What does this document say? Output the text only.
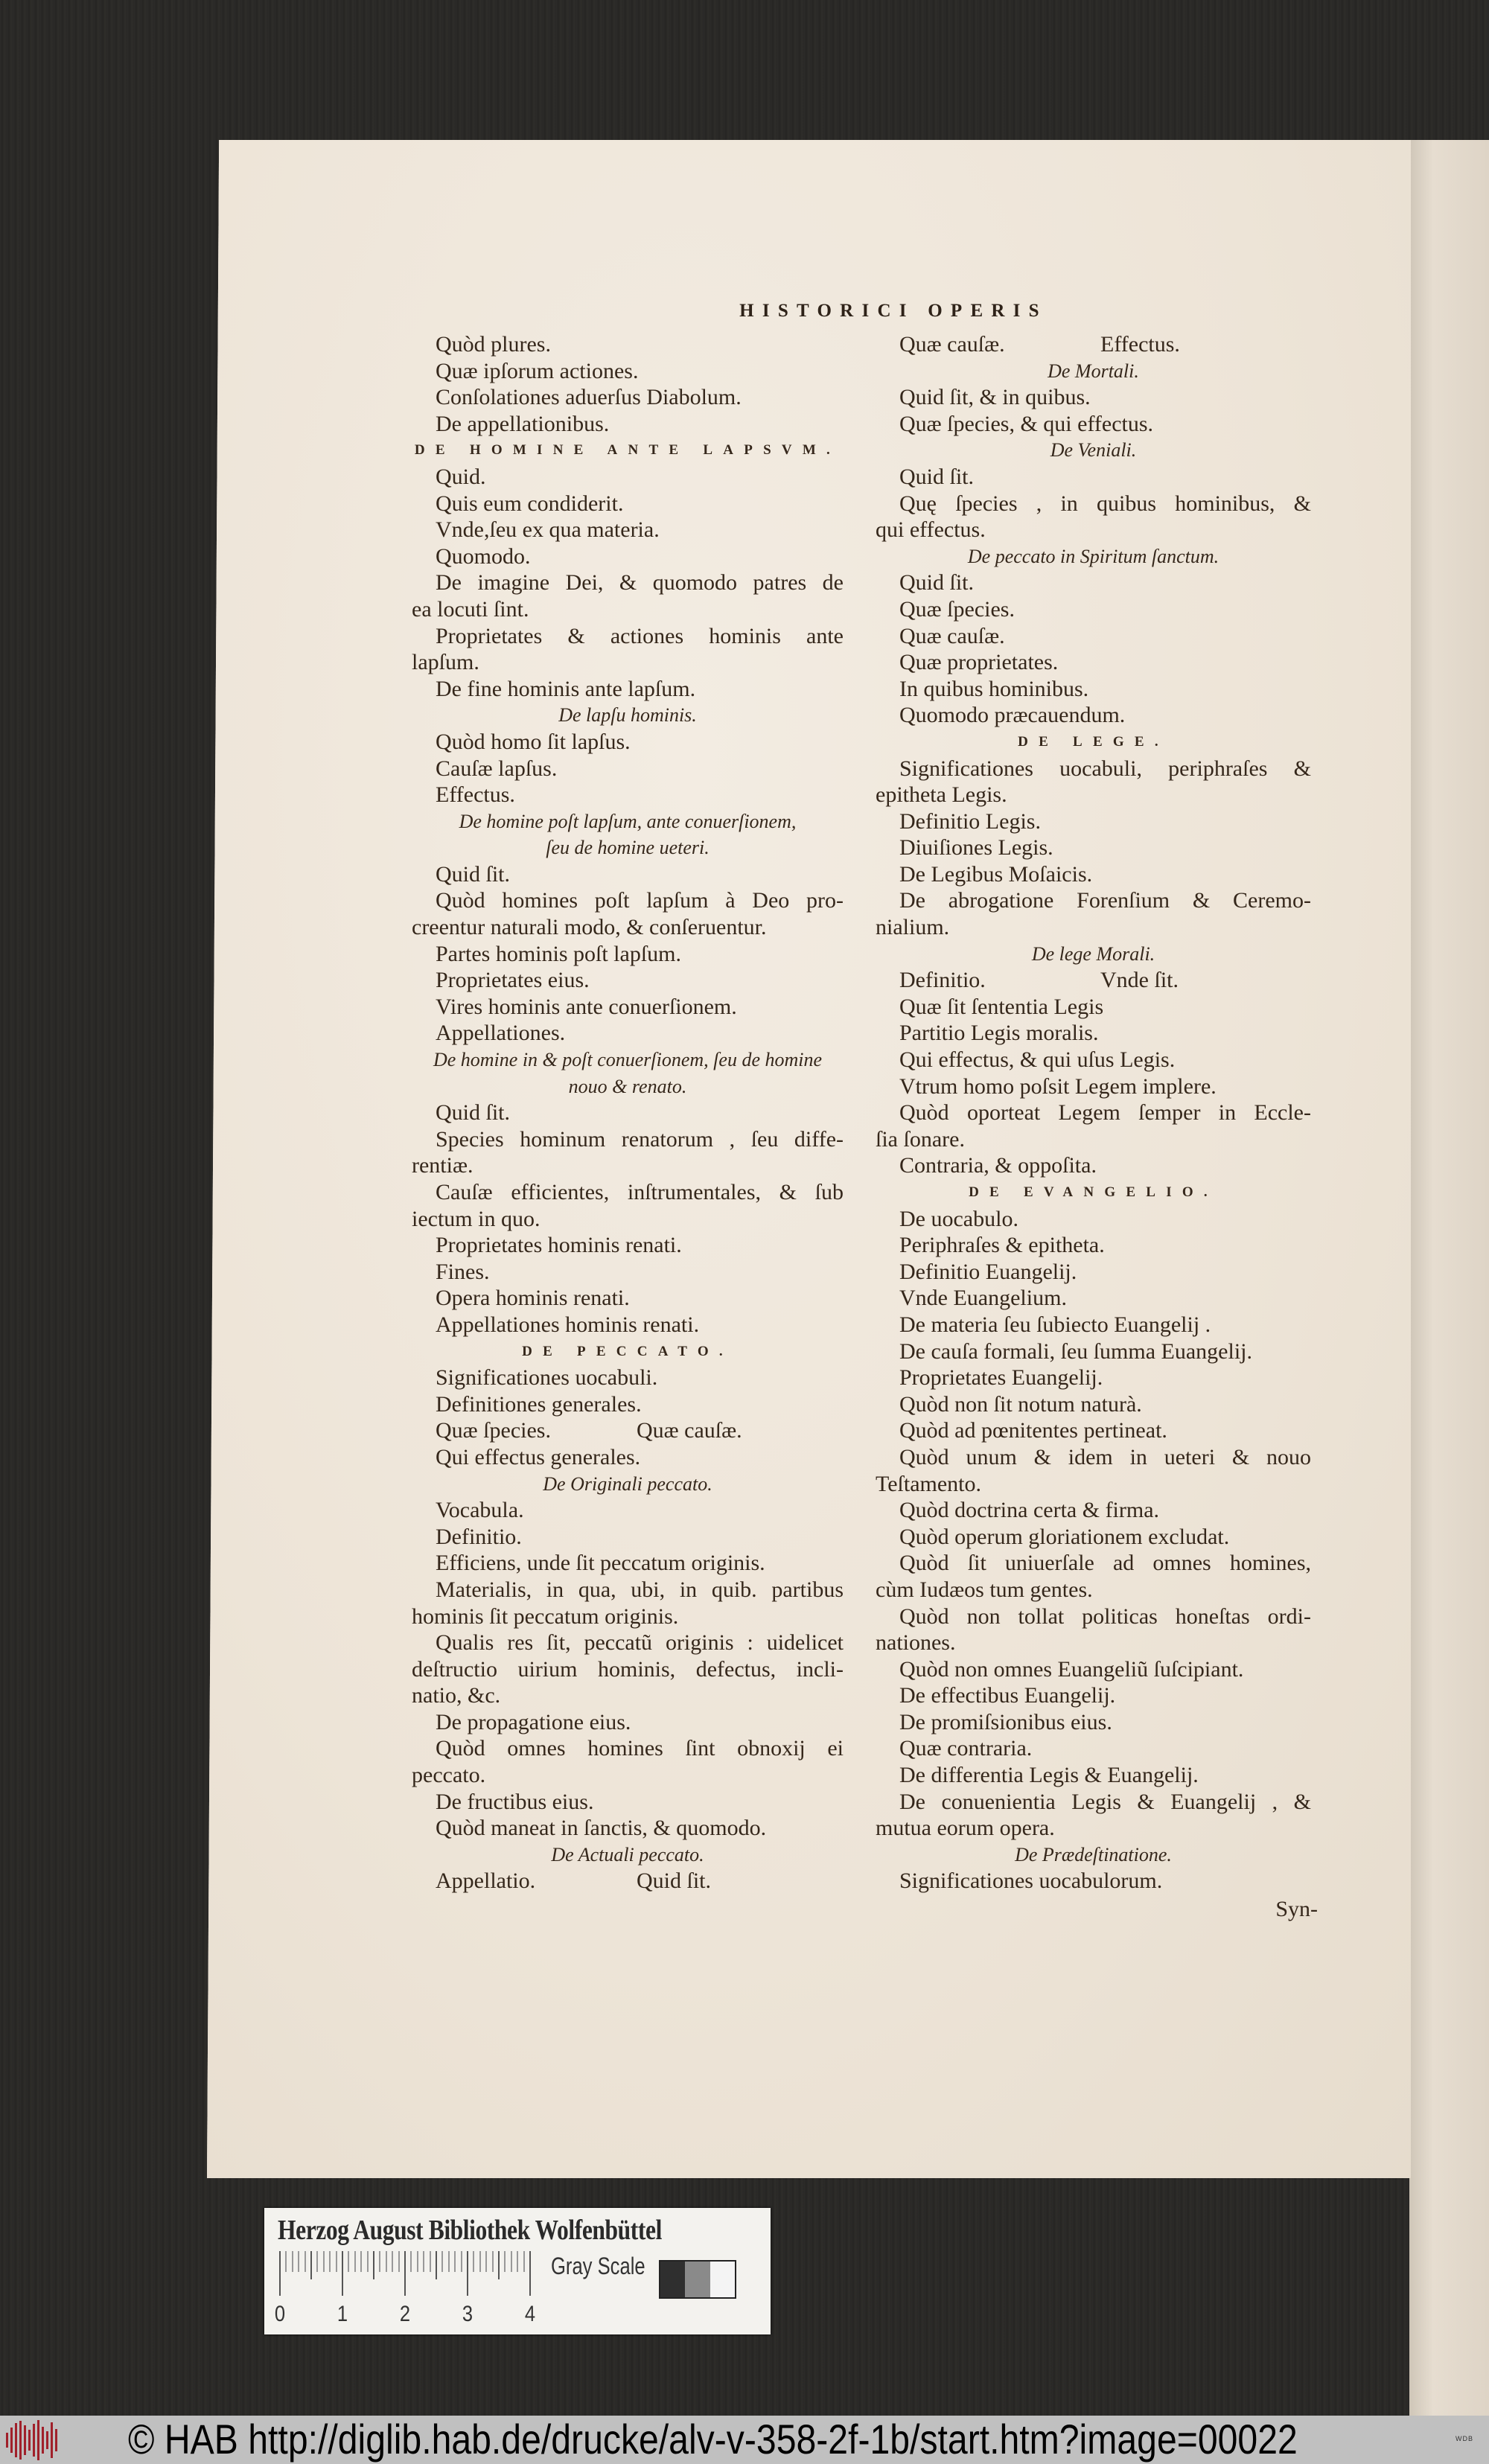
HISTORICI OPERIS
Quòd plures.
Quæ ipſorum actiones.
Conſolationes aduerſus Diabolum.
De appellationibus.
DE HOMINE ANTE LAPSVM.
Quid.
Quis eum condiderit.
Vnde,ſeu ex qua materia.
Quomodo.
De imagine Dei, & quomodo patres de
ea locuti ſint.
Proprietates & actiones hominis ante
lapſum.
De fine hominis ante lapſum.
De lapſu hominis.
Quòd homo ſit lapſus.
Cauſæ lapſus.
Effectus.
De homine poſt lapſum, ante conuerſionem,
ſeu de homine ueteri.
Quid ſit.
Quòd homines poſt lapſum à Deo pro-
creentur naturali modo, & conſeruentur.
Partes hominis poſt lapſum.
Proprietates eius.
Vires hominis ante conuerſionem.
Appellationes.
De homine in & poſt conuerſionem, ſeu de homine
nouo & renato.
Quid ſit.
Species hominum renatorum , ſeu diffe-
rentiæ.
Cauſæ efficientes, inſtrumentales, & ſub
iectum in quo.
Proprietates hominis renati.
Fines.
Opera hominis renati.
Appellationes hominis renati.
DE PECCATO.
Significationes uocabuli.
Definitiones generales.
Quæ ſpecies.	Quæ cauſæ.
Qui effectus generales.
De Originali peccato.
Vocabula.
Definitio.
Efficiens, unde ſit peccatum originis.
Materialis, in qua, ubi, in quib. partibus
hominis ſit peccatum originis.
Qualis res ſit, peccatũ originis : uidelicet
deſtructio uirium hominis, defectus, incli-
natio, &c.
De propagatione eius.
Quòd omnes homines ſint obnoxij ei
peccato.
De fructibus eius.
Quòd maneat in ſanctis, & quomodo.
De Actuali peccato.
Appellatio.	Quid ſit.
Quæ cauſæ.	Effectus.
De Mortali.
Quid ſit, & in quibus.
Quæ ſpecies, & qui effectus.
De Veniali.
Quid ſit.
Quę ſpecies , in quibus hominibus, &
qui effectus.
De peccato in Spiritum ſanctum.
Quid ſit.
Quæ ſpecies.
Quæ cauſæ.
Quæ proprietates.
In quibus hominibus.
Quomodo præcauendum.
DE LEGE.
Significationes uocabuli, periphraſes &
epitheta Legis.
Definitio Legis.
Diuiſiones Legis.
De Legibus Moſaicis.
De abrogatione Forenſium & Ceremo-
nialium.
De lege Morali.
Definitio.	Vnde ſit.
Quæ ſit ſententia Legis
Partitio Legis moralis.
Qui effectus, & qui uſus Legis.
Vtrum homo poſsit Legem implere.
Quòd oporteat Legem ſemper in Eccle-
ſia ſonare.
Contraria, & oppoſita.
DE EVANGELIO.
De uocabulo.
Periphraſes & epitheta.
Definitio Euangelij.
Vnde Euangelium.
De materia ſeu ſubiecto Euangelij .
De cauſa formali, ſeu ſumma Euangelij.
Proprietates Euangelij.
Quòd non ſit notum naturà.
Quòd ad pœnitentes pertineat.
Quòd unum & idem in ueteri & nouo
Teſtamento.
Quòd doctrina certa & firma.
Quòd operum gloriationem excludat.
Quòd ſit uniuerſale ad omnes homines,
cùm Iudæos tum gentes.
Quòd non tollat politicas honeſtas ordi-
nationes.
Quòd non omnes Euangeliũ ſuſcipiant.
De effectibus Euangelij.
De promiſsionibus eius.
Quæ contraria.
De differentia Legis & Euangelij.
De conuenientia Legis & Euangelij , &
mutua eorum opera.
De Prædeſtinatione.
Significationes uocabulorum.
Syn-
Herzog August Bibliothek Wolfenbüttel
0 1 2 3 4
Gray Scale
© HAB http://diglib.hab.de/drucke/alv-v-358-2f-1b/start.htm?image=00022	WDB
